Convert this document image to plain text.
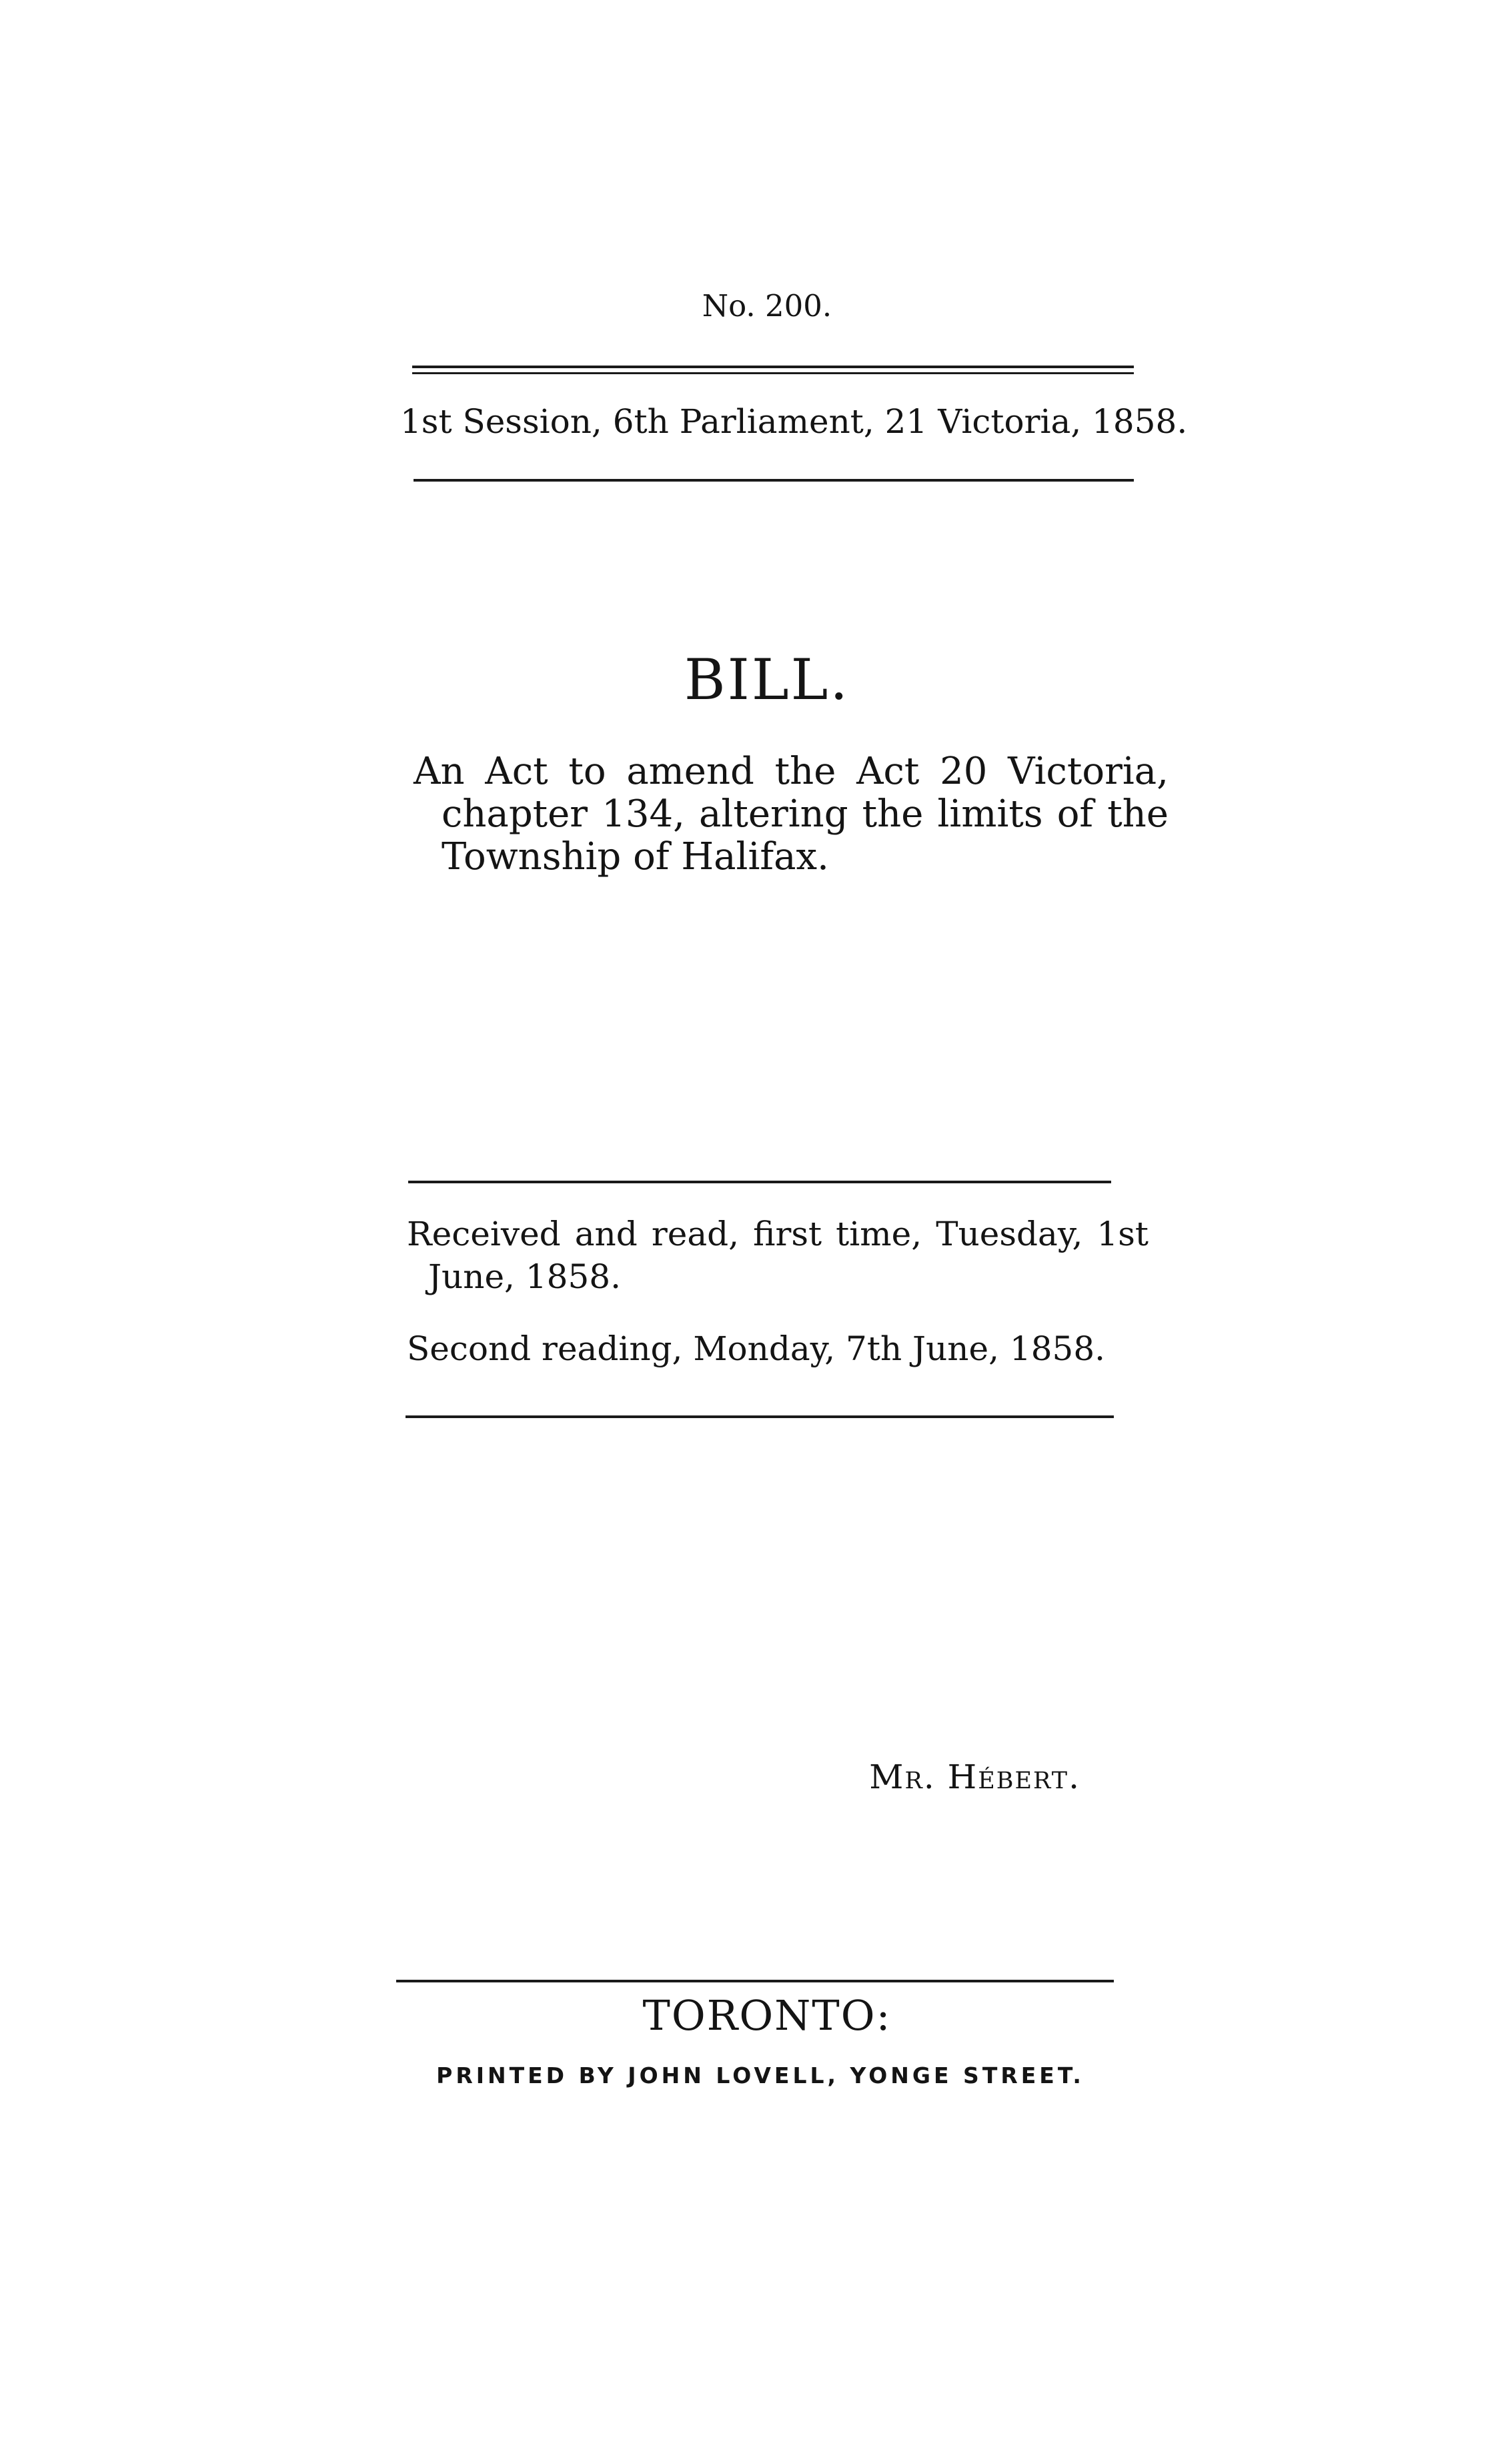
No. 200.
1st Session, 6th Parliament, 21 Victoria, 1858.
BILL.
An Act to amend the Act 20 Victoria, chapter 134, altering the limits of the Township of Halifax.
Received and read, first time, Tuesday, 1st June, 1858.
Second reading, Monday, 7th June, 1858.
Mr. Hébert.
TORONTO:
PRINTED BY JOHN LOVELL, YONGE STREET.
